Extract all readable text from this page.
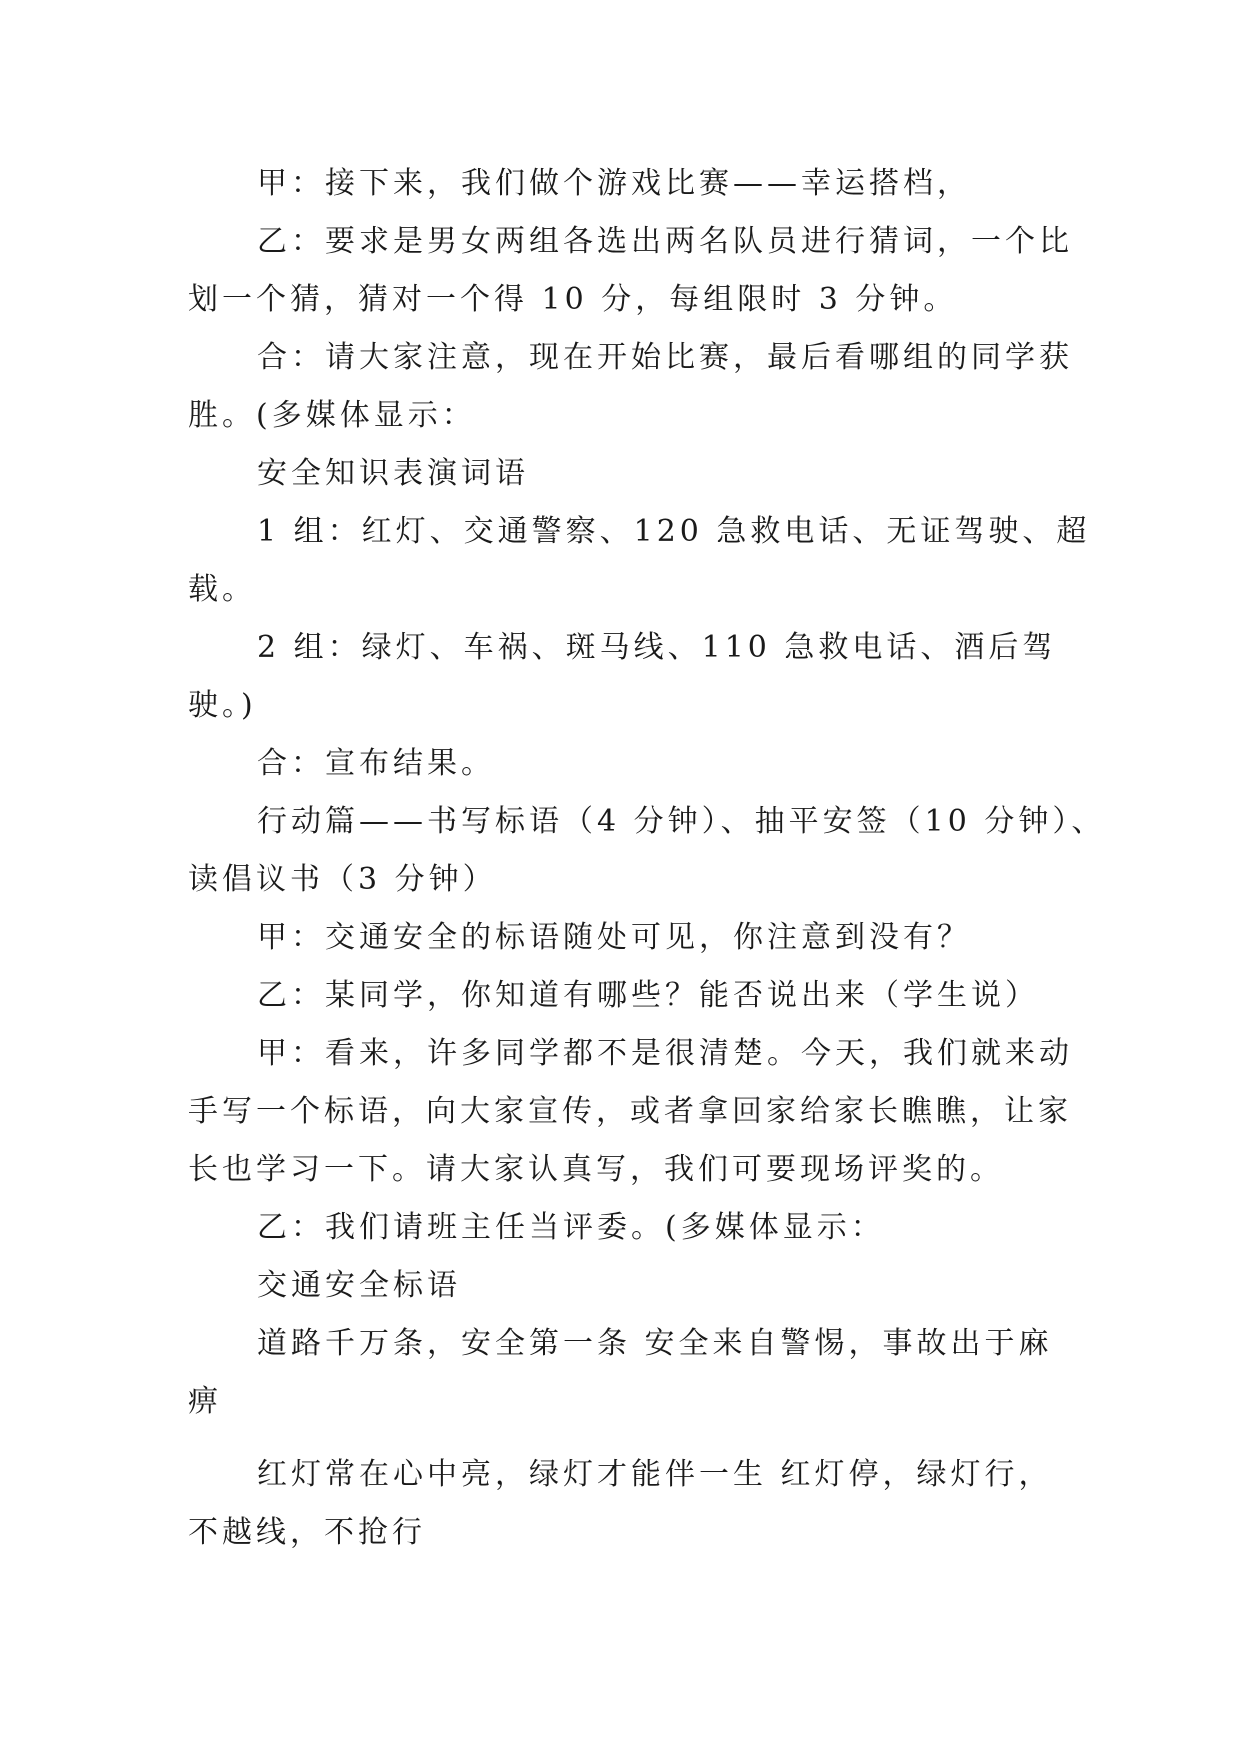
甲：接下来，我们做个游戏比赛——幸运搭档，
乙：要求是男女两组各选出两名队员进行猜词，一个比
划一个猜，猜对一个得 10 分，每组限时 3 分钟。
合：请大家注意，现在开始比赛，最后看哪组的同学获
胜。(多媒体显示：
安全知识表演词语
1 组：红灯、交通警察、120 急救电话、无证驾驶、超
载。
2 组：绿灯、车祸、斑马线、110 急救电话、酒后驾
驶。)
合：宣布结果。
行动篇——书写标语（4 分钟）、抽平安签（10 分钟）、
读倡议书（3 分钟）
甲：交通安全的标语随处可见，你注意到没有？
乙：某同学，你知道有哪些？能否说出来（学生说）
甲：看来，许多同学都不是很清楚。今天，我们就来动
手写一个标语，向大家宣传，或者拿回家给家长瞧瞧，让家
长也学习一下。请大家认真写，我们可要现场评奖的。
乙：我们请班主任当评委。(多媒体显示：
交通安全标语
道路千万条，安全第一条 安全来自警惕，事故出于麻
痹
红灯常在心中亮，绿灯才能伴一生 红灯停，绿灯行，
不越线，不抢行
